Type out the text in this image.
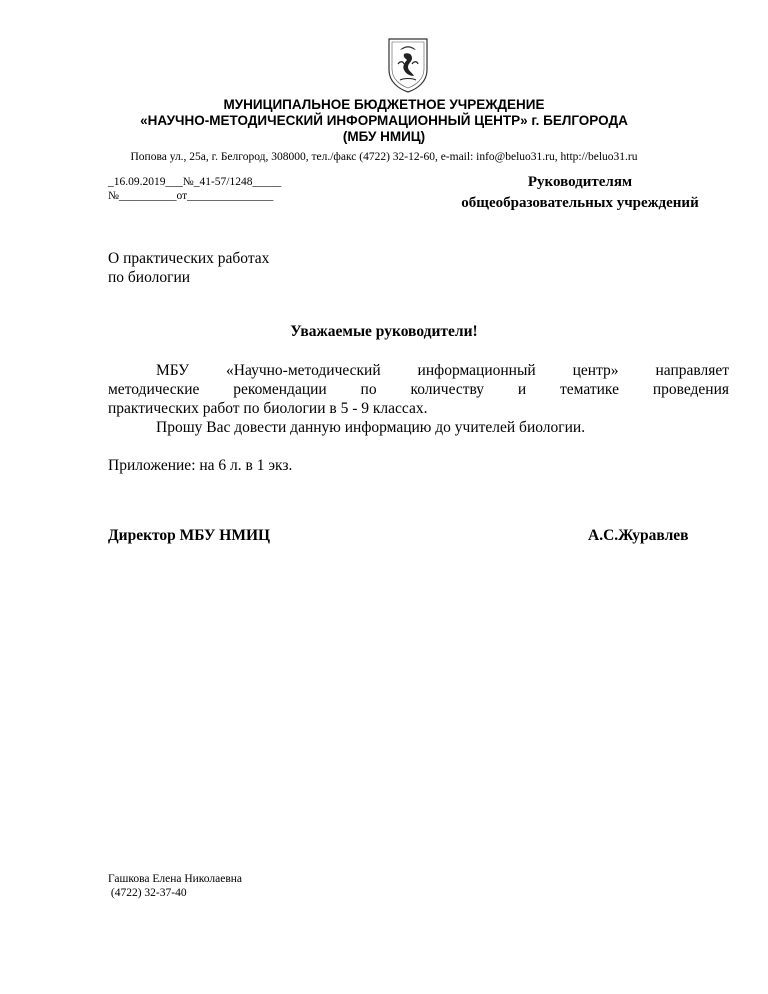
МУНИЦИПАЛЬНОЕ БЮДЖЕТНОЕ УЧРЕЖДЕНИЕ
«НАУЧНО-МЕТОДИЧЕСКИЙ ИНФОРМАЦИОННЫЙ ЦЕНТР» г. БЕЛГОРОДА
(МБУ НМИЦ)
Попова ул., 25а, г. Белгород, 308000, тел./факс (4722) 32-12-60, e-mail: info@beluo31.ru, http://beluo31.ru
_16.09.2019___№_41-57/1248_____
№__________от_______________
Руководителям
общеобразовательных учреждений
О практических работах
по биологии
Уважаемые руководители!
МБУ «Научно-методический информационный центр» направляет
методические рекомендации по количеству и тематике проведения
практических работ по биологии в 5 - 9 классах.
Прошу Вас довести данную информацию до учителей биологии.
Приложение: на 6 л. в 1 экз.
Директор МБУ НМИЦ	А.С.Журавлев
Гашкова Елена Николаевна
(4722) 32-37-40
